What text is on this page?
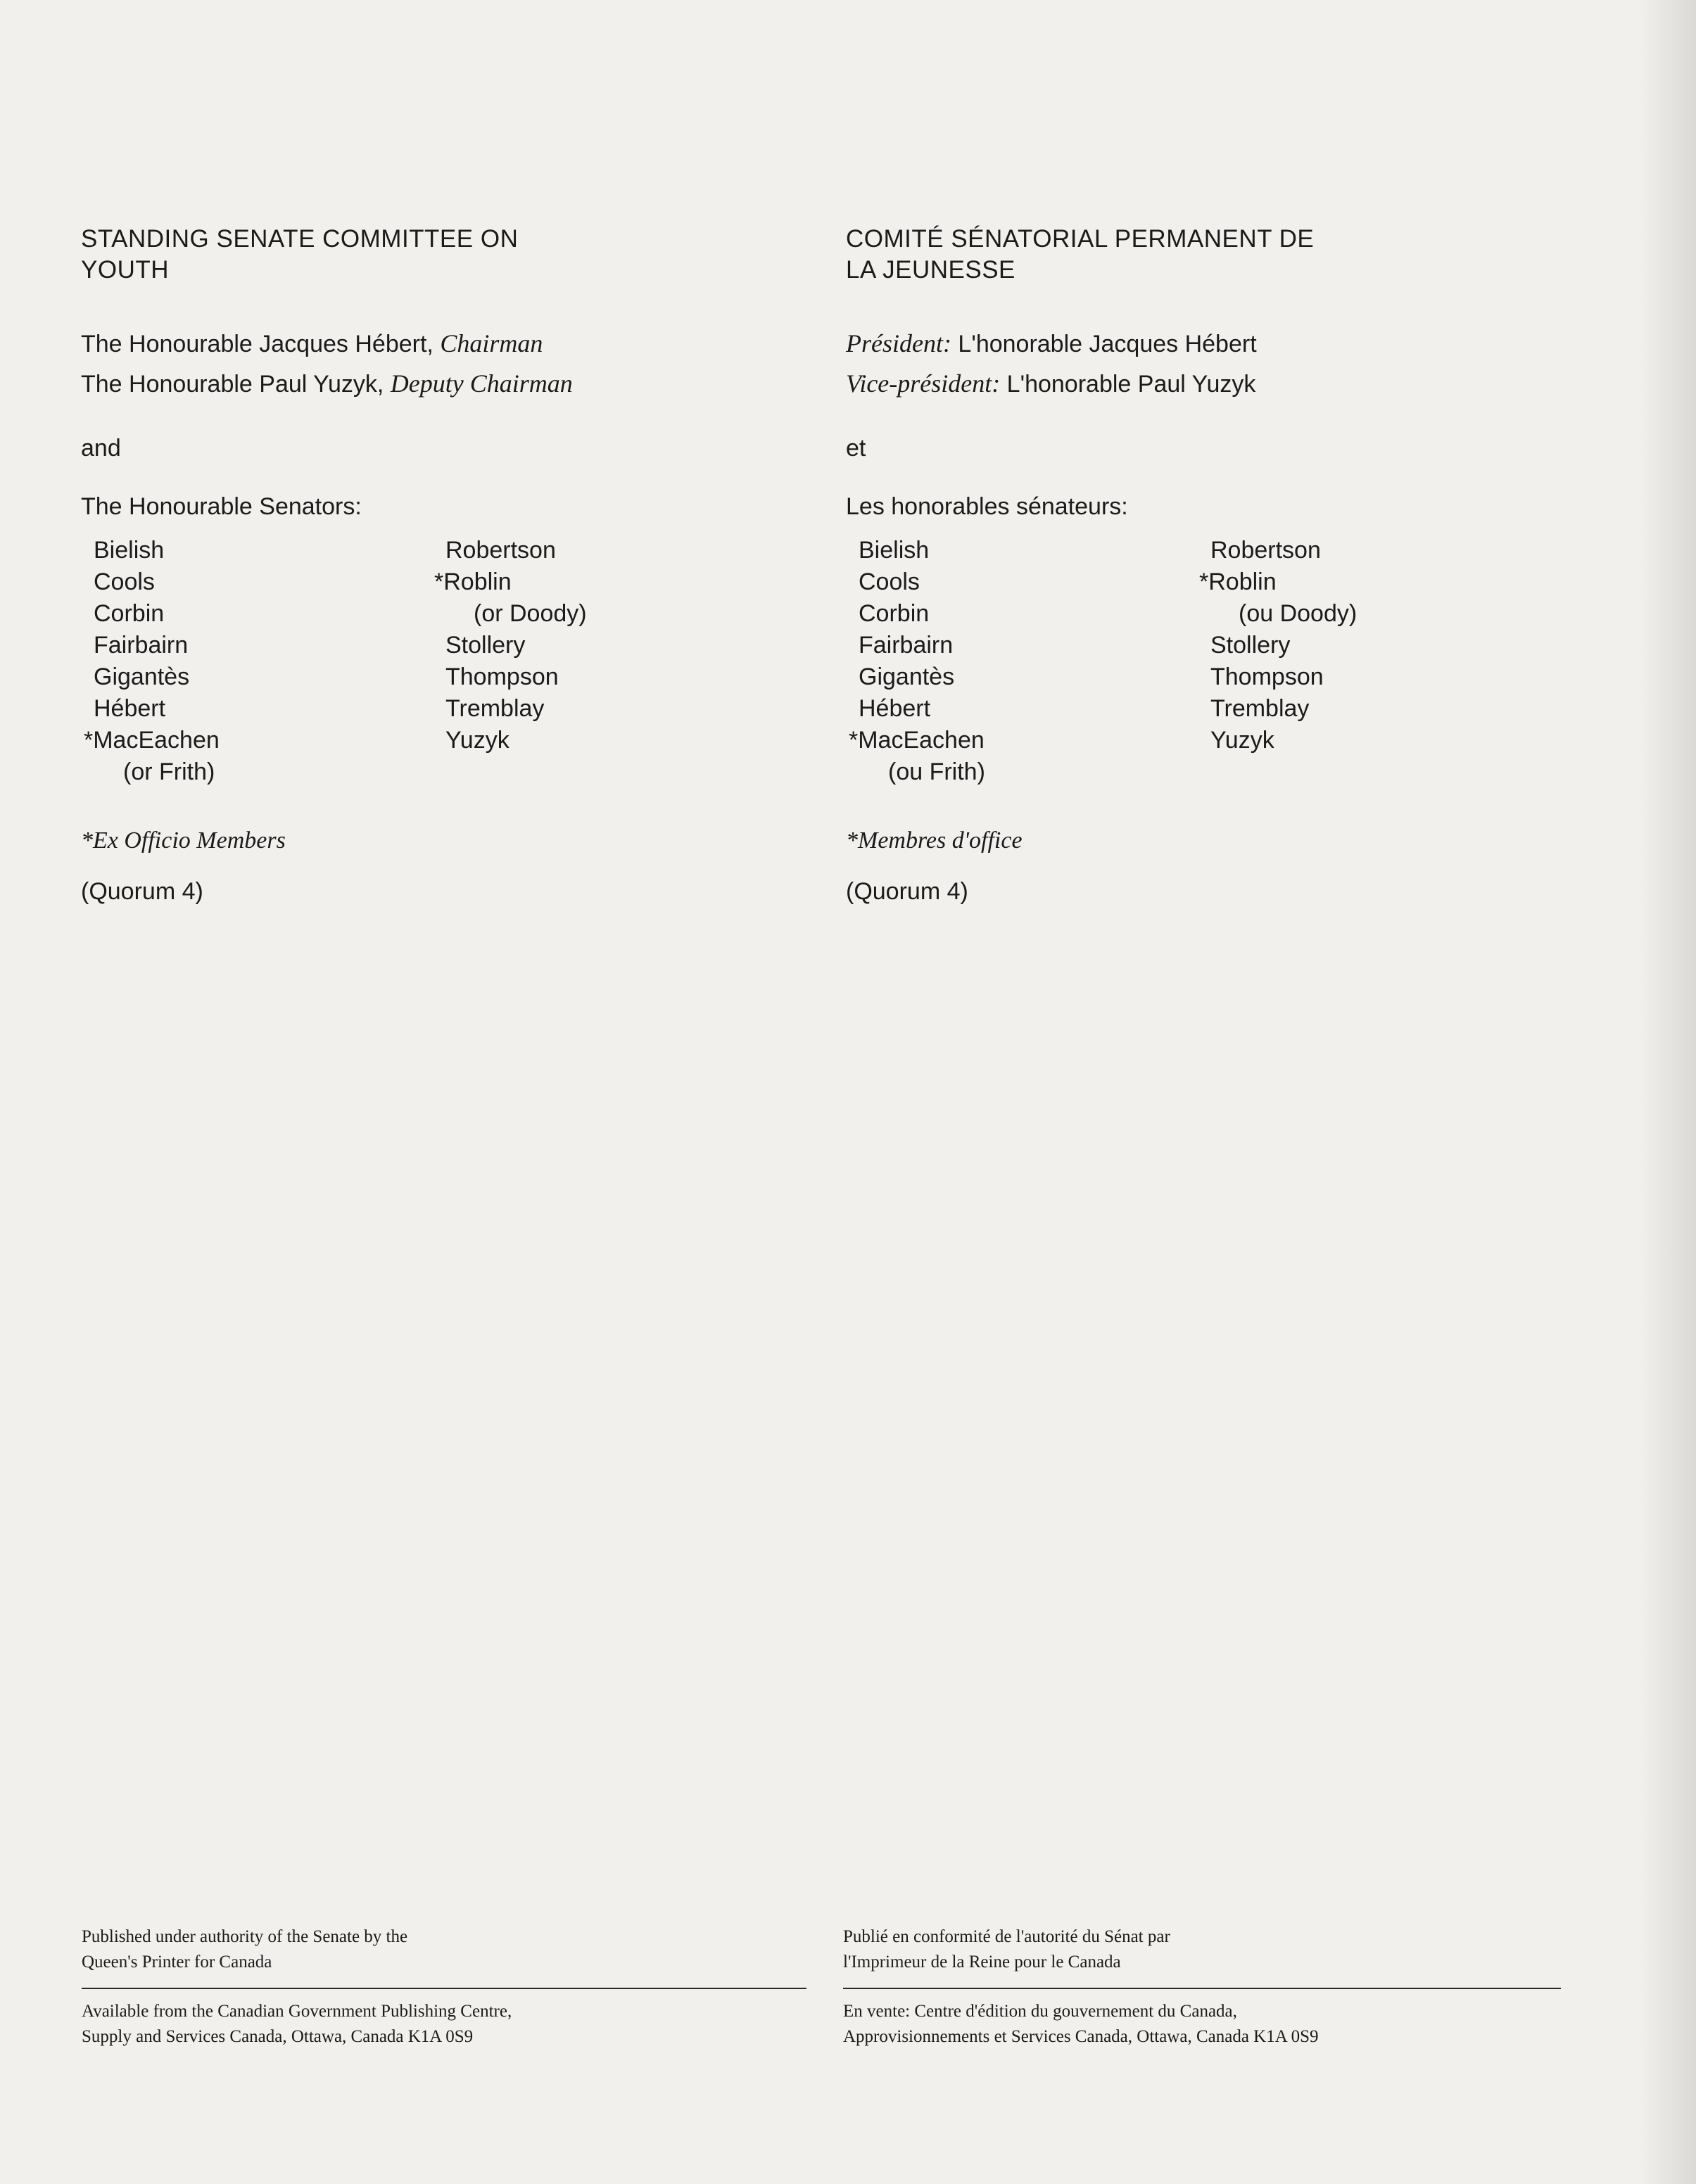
STANDING SENATE COMMITTEE ON
YOUTH

The Honourable Jacques Hébert, Chairman

The Honourable Paul Yuzyk, Deputy Chairman

and
The Honourable Senators:
Bielish
Cools
Corbin
Fairbairn
Gigantès
Hébert
*MacEachen
(or Frith)
Robertson
*Roblin
(or Doody)
Stollery
Thompson
Tremblay
Yuzyk
*Ex Officio Members
(Quorum 4)
COMITÉ SÉNATORIAL PERMANENT DE
LA JEUNESSE

Président: L'honorable Jacques Hébert

Vice-président: L'honorable Paul Yuzyk

et
Les honorables sénateurs:
Bielish
Cools
Corbin
Fairbairn
Gigantès
Hébert
*MacEachen
(ou Frith)
Robertson
*Roblin
(ou Doody)
Stollery
Thompson
Tremblay
Yuzyk
*Membres d'office
(Quorum 4)

Published under authority of the Senate by the

Queen's Printer for Canada

Available from the Canadian Government Publishing Centre,

Supply and Services Canada, Ottawa, Canada K1A 0S9

Publié en conformité de l'autorité du Sénat par

l'Imprimeur de la Reine pour le Canada

En vente: Centre d'édition du gouvernement du Canada,

Approvisionnements et Services Canada, Ottawa, Canada K1A 0S9
